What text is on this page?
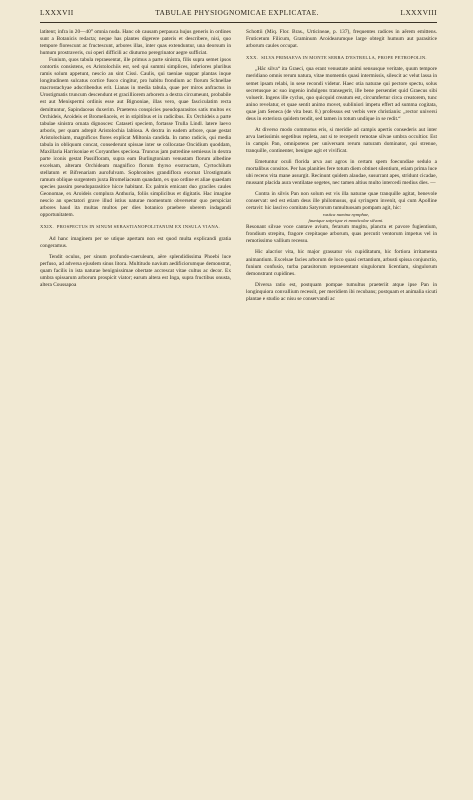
LXXXVII	TABULAE PHYSIOGNOMICAE EXPLICATAE.	LXXXVIII

latitent; infra in 20—40° omnia nuda. Hanc ob causam perpauca hujus generis in ordines sunt a Botanicis redacta; neque has plantes digerere pateris et describere, nisi, quo tempore florescunt ac fructescunt, arbores illas, inter quas extenduntur, una deorsum in humum prostraveris, cui operi difficili ac diuturno peregrinator aegre sufficiat.

Funium, quos tabula repraesentat, ille primus a parte sinistra, filis supra semet ipsos contortis consistens, ex Aristolochiis est, sed qui summi simplices, inferiores pluribus ramis solum appetunt, nescio an sint Cissi. Caulis, qui taeniae suppar plantas inque longitudinem sulcatus cortice fusco cingitur, pro habitu frondium ac florum Schnellae macrostachyae adscribendus erit. Lianas in media tabula, quae per miros anfractus in Urostigmatis truncum descendunt et gracilliorem arborem a dextra circumeunt, probabile est aut Menispermi ordinis esse aut Bignoniae, illas vero, quae fasciculatim recta demittuntur, Sapindaceas duxerim. Praeterea conspicies pseudoparasitos satis multos ex Orchideis, Aroideis et Bromeliaceis, et in stipitibus et in radicibus. Ex Orchideis a parte tabulae sinistra ornata dignosces: Cataseti speciem, fortasse Trulla Lindl. latere laevo arboris, per quam adrepit Aristolochia labiosa. A dextra in eadem arbore, quae gestat Aristolochiam, magnificos flores explicat Miltonia candida. In ramo radicis, qui media tabula in obliquum concat, consederunt spissae inter se collocatae Oncidium quoddam, Maxillaria Harrisoniae et Coryanthes speciosa. Truncus jam putredine semiesus in dextra parte iconis gestat Passifloram, supra eam Burlingtoniam venustam florum albedine excelsam, alteram Orchideam magnifico florum thyrso exstructam, Cyrtochilum stellatum et Bifrenariam aurofulvam. Sophronites grandiflora exornat Urostigmatis ramum oblique surgentem juxta Bromeliaceam quandam, ex quo ordine et aliae quaedam species passim pseudoparasitice hicce habitant. Ex palmis emicant duo graciles caules Geonomae, ex Aroideis complura Anthuria, foliis simplicibus et digitatis. Hac imagine nescio an spectatori grave illud istius naturae momentum obversetur quo perspiciat arbores haud ita multas multos per dies botanico praebere uberem indagandi opportunitatem.

XXIX. PROSPECTUS IN SINUM SEBASTIANOPOLITANUM EX INSULA VIANA.

Ad hanc imaginem per se utique apertam non est quod multa explicandi gratia congeramus.

Tendit oculus, per sinum profundo-caeruleum, aëre splendidissima Phoebi luce perfuso, ad adversa ejusdem sinus litora. Multitudo navium aedificiorumque demonstrat, quam facilis in ista naturae benignissimae obertate accrescat vitae cultus ac decor. Ex umbra spissarum arborum prospicit viator; earum altera est Inga, supra fructibus onusta, altera Coussapoa

Schottii (Miq. Flor. Bras., Urticineae, p. 137), frequentes radices in aërem emittens. Fruticetum Filicum, Graminum Aroidearumque large obtegit humum aut parasitice arborum caules occupat.

XXX. SILVA PRIMAEVA IN MONTE SERRA D'ESTRELLA, PROPE PETROPOLIN.

„Hâc silva“ ita Graeci, qua erant venustate animi sensusque veritate, quum tempore meridiano omnis rerum natura, vitae momentis quasi intermissis, silescit ac velut lassa in semet ipsam relabi, in sese recondi videtur. Haec otia naturae qui pectore spectu, solus secretusque ac suo ingenio indulgens transegerit, ille bene persentiet quid Graecus sibi voluerit. Ingens ille cyclus, quo quicquid creatum est, circumfertur circa creatorem, tunc anino revelatur, et quae sentit animo movet, subliniori impetu effert ad summa cogitata, quae jam Seneca (de vita beat. 8.) professus est verbis vere christianis: „rector universi deus in exteriora quidem tendit, sed tamen in totum undique in se redit.“

At diverso modo commotus eris, si meridie ad campis apertis consederis aut inter arva laetissimis segetibus repleta, aut si te receperit remotae silvae umbra occultior. Est in campis Pan, omnipotens per universam rerum naturam dominator, qui strenue, tranquille, continenter, benigne agit et vivificat.

Emetuntur oculi florida arva aut agros in certam spem foecundiae sedulo a mortalibus consitos. Per has planities fere totum diem obtinet silentium, etiam prima luce ubi recens vita mane assurgit. Recinunt quidem alaudae, susurrant apes, stridunt cicadae, mussant placida aura ventilatae segetes, nec tamen altius multo intercedi medius dies. —

Contra in silvis Pan non solum est vis illa naturae quae tranquille agitat, benevole conservat: sed est etiam deus ille philomusus, qui syringem invenit, qui cum Apolline certavit: hic lascivo comitatu Satyrorum tumultuosam pompam agit, hic:

rustica numina nymphae,

faunique satyrique et monticolae silvani.

Resonant silvae voce cantave avium, ferarum mugitu, planctu et pavore fugientium, frondium strepitu, fragore crepitaque arborum, quas percutit ventorum impetus vel in remotissimo vallium recessu.

Hic alacrior vita, hic major grassatur vis cupiditatum, hic fortiora irritamenta animantium. Excelsae facies arborum de loco quasi certantium, arbusti spissa conjunctio, funium confusio, turba parasitorum repraesentant singulorum licentiam, singulorum demonstrant cupidines.

Diversa ratio est, postquam pompae tumultus praeteriit atque ipse Pan in longinquiora convallium recessit, per meridiem ibi recubans; postquam et animalia sicuti plantae e studio ac nisu se conservandi ac
